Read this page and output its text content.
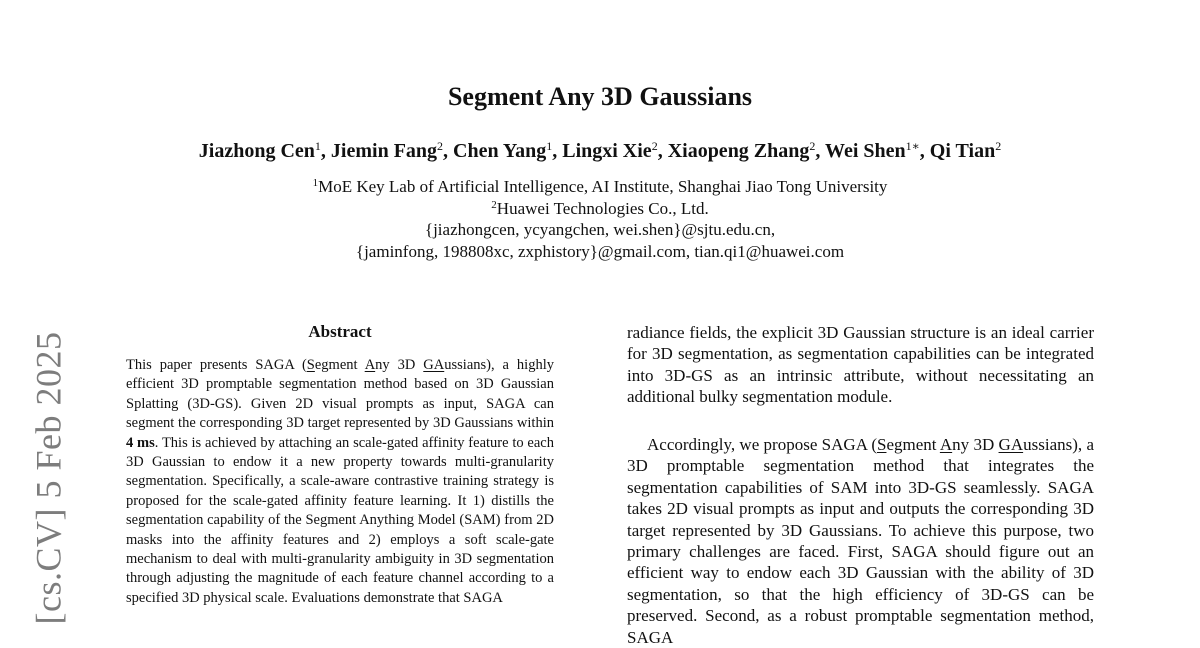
[cs.CV] 5 Feb 2025
Segment Any 3D Gaussians
Jiazhong Cen$^1$, Jiemin Fang$^2$, Chen Yang$^1$, Lingxi Xie$^2$, Xiaopeng Zhang$^2$, Wei Shen$^{1∗}$, Qi Tian$^2$
$^1$MoE Key Lab of Artificial Intelligence, AI Institute, Shanghai Jiao Tong University
$^2$Huawei Technologies Co., Ltd.
{jiazhongcen, ycyangchen, wei.shen}@sjtu.edu.cn,
{jaminfong, 198808xc, zxphistory}@gmail.com, tian.qi1@huawei.com
Abstract
This paper presents SAGA (Segment Any 3D GAussians), a highly efficient 3D promptable segmentation method based on 3D Gaussian Splatting (3D-GS). Given 2D visual prompts as input, SAGA can segment the corresponding 3D target represented by 3D Gaussians within 4 ms. This is achieved by attaching an scale-gated affinity feature to each 3D Gaussian to endow it a new property towards multi-granularity segmentation. Specifically, a scale-aware contrastive training strategy is proposed for the scale-gated affinity feature learning. It 1) distills the segmentation capability of the Segment Anything Model (SAM) from 2D masks into the affinity features and 2) employs a soft scale-gate mechanism to deal with multi-granularity ambiguity in 3D segmentation through adjusting the magnitude of each feature channel according to a specified 3D physical scale. Evaluations demonstrate that SAGA
radiance fields, the explicit 3D Gaussian structure is an ideal carrier for 3D segmentation, as segmentation capabilities can be integrated into 3D-GS as an intrinsic attribute, without necessitating an additional bulky segmentation module.
Accordingly, we propose SAGA (Segment Any 3D GAussians), a 3D promptable segmentation method that integrates the segmentation capabilities of SAM into 3D-GS seamlessly. SAGA takes 2D visual prompts as input and outputs the corresponding 3D target represented by 3D Gaussians. To achieve this purpose, two primary challenges are faced. First, SAGA should figure out an efficient way to endow each 3D Gaussian with the ability of 3D segmentation, so that the high efficiency of 3D-GS can be preserved. Second, as a robust promptable segmentation method, SAGA
